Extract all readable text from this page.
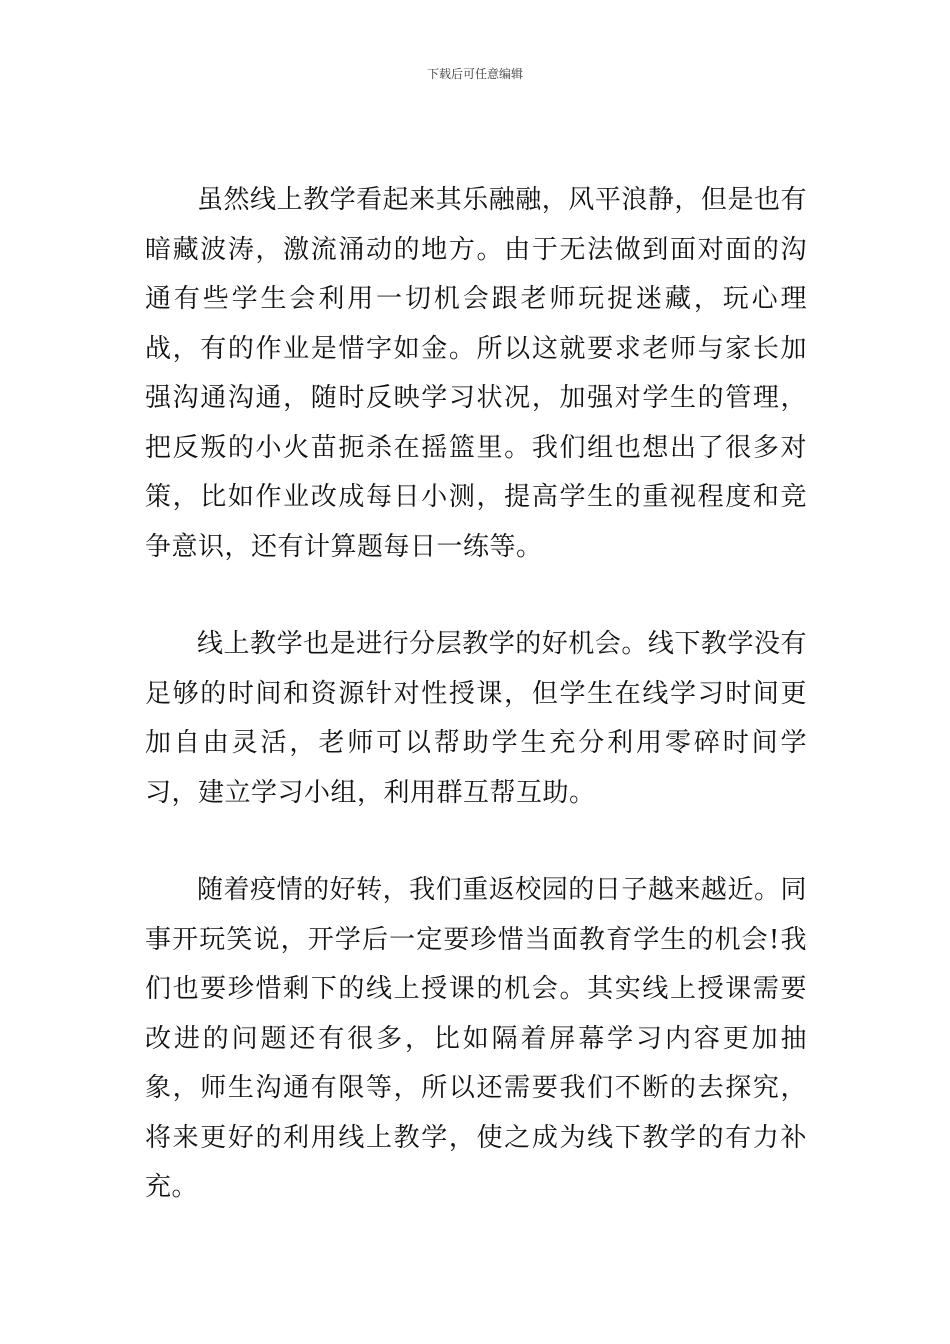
下载后可任意编辑

虽然线上教学看起来其乐融融，风平浪静，但是也有暗藏波涛，激流涌动的地方。由于无法做到面对面的沟通有些学生会利用一切机会跟老师玩捉迷藏，玩心理战，有的作业是惜字如金。所以这就要求老师与家长加强沟通沟通，随时反映学习状况，加强对学生的管理，把反叛的小火苗扼杀在摇篮里。我们组也想出了很多对策，比如作业改成每日小测，提高学生的重视程度和竞争意识，还有计算题每日一练等。

线上教学也是进行分层教学的好机会。线下教学没有足够的时间和资源针对性授课，但学生在线学习时间更加自由灵活，老师可以帮助学生充分利用零碎时间学习，建立学习小组，利用群互帮互助。

随着疫情的好转，我们重返校园的日子越来越近。同事开玩笑说，开学后一定要珍惜当面教育学生的机会!我们也要珍惜剩下的线上授课的机会。其实线上授课需要改进的问题还有很多，比如隔着屏幕学习内容更加抽象，师生沟通有限等，所以还需要我们不断的去探究，将来更好的利用线上教学，使之成为线下教学的有力补充。
